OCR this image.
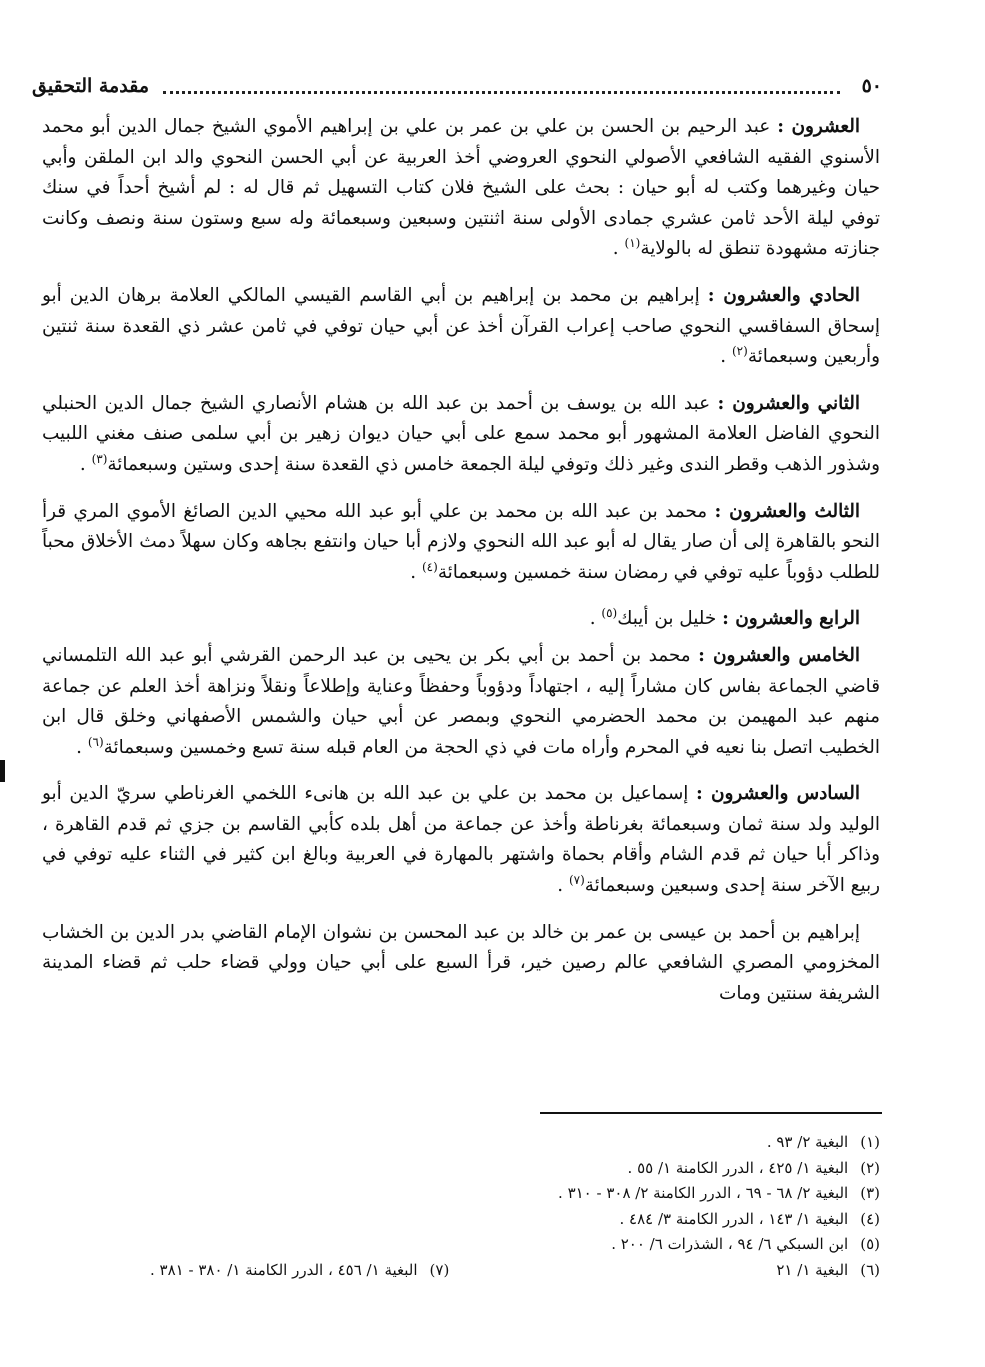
٥٠
مقدمة التحقيق

العشرون : عبد الرحيم بن الحسن بن علي بن عمر بن علي بن إبراهيم الأموي الشيخ جمال الدين أبو محمد الأسنوي الفقيه الشافعي الأصولي النحوي العروضي أخذ العربية عن أبي الحسن النحوي والد ابن الملقن وأبي حيان وغيرهما وكتب له أبو حيان : بحث على الشيخ فلان كتاب التسهيل ثم قال له : لم أشيخ أحداً في سنك توفي ليلة الأحد ثامن عشري جمادى الأولى سنة اثنتين وسبعين وسبعمائة وله سبع وستون سنة ونصف وكانت جنازته مشهودة تنطق له بالولاية$^{(١)}$ .

الحادي والعشرون : إبراهيم بن محمد بن إبراهيم بن أبي القاسم القيسي المالكي العلامة برهان الدين أبو إسحاق السفاقسي النحوي صاحب إعراب القرآن أخذ عن أبي حيان توفي في ثامن عشر ذي القعدة سنة ثنتين وأربعين وسبعمائة$^{(٢)}$ .

الثاني والعشرون : عبد الله بن يوسف بن أحمد بن عبد الله بن هشام الأنصاري الشيخ جمال الدين الحنبلي النحوي الفاضل العلامة المشهور أبو محمد سمع على أبي حيان ديوان زهير بن أبي سلمى صنف مغني اللبيب وشذور الذهب وقطر الندى وغير ذلك وتوفي ليلة الجمعة خامس ذي القعدة سنة إحدى وستين وسبعمائة$^{(٣)}$ .

الثالث والعشرون : محمد بن عبد الله بن محمد بن علي أبو عبد الله محيي الدين الصائغ الأموي المري قرأ النحو بالقاهرة إلى أن صار يقال له أبو عبد الله النحوي ولازم أبا حيان وانتفع بجاهه وكان سهلاً دمث الأخلاق محباً للطلب دؤوباً عليه توفي في رمضان سنة خمسين وسبعمائة$^{(٤)}$ .

الرابع والعشرون : خليل بن أيبك$^{(٥)}$ .

الخامس والعشرون : محمد بن أحمد بن أبي بكر بن يحيى بن عبد الرحمن القرشي أبو عبد الله التلمساني قاضي الجماعة بفاس كان مشاراً إليه ، اجتهاداً ودؤوباً وحفظاً وعناية وإطلاعاً ونقلاً ونزاهة أخذ العلم عن جماعة منهم عبد المهيمن بن محمد الحضرمي النحوي وبمصر عن أبي حيان والشمس الأصفهاني وخلق قال ابن الخطيب اتصل بنا نعيه في المحرم وأراه مات في ذي الحجة من العام قبله سنة تسع وخمسين وسبعمائة$^{(٦)}$ .

السادس والعشرون : إسماعيل بن محمد بن علي بن عبد الله بن هانىء اللخمي الغرناطي سريّ الدين أبو الوليد ولد سنة ثمان وسبعمائة بغرناطة وأخذ عن جماعة من أهل بلده كأبي القاسم بن جزي ثم قدم القاهرة ، وذاكر أبا حيان ثم قدم الشام وأقام بحماة واشتهر بالمهارة في العربية وبالغ ابن كثير في الثناء عليه توفي في ربيع الآخر سنة إحدى وسبعين وسبعمائة$^{(٧)}$ .

إبراهيم بن أحمد بن عيسى بن عمر بن خالد بن عبد المحسن بن نشوان الإمام القاضي بدر الدين بن الخشاب المخزومي المصري الشافعي عالم رصين خير، قرأ السبع على أبي حيان وولي قضاء حلب ثم قضاء المدينة الشريفة سنتين ومات

(١)البغية ٢/ ٩٣ .
(٢)البغية ١/ ٤٢٥ ، الدرر الكامنة ١/ ٥٥ .
(٣)البغية ٢/ ٦٨ - ٦٩ ، الدرر الكامنة ٢/ ٣٠٨ - ٣١٠ .
(٤)البغية ١/ ١٤٣ ، الدرر الكامنة ٣/ ٤٨٤ .
(٥)ابن السبكي ٦/ ٩٤ ، الشذرات ٦/ ٢٠٠ .
(٦)البغية ١/ ٢١
(٧)البغية ١/ ٤٥٦ ، الدرر الكامنة ١/ ٣٨٠ - ٣٨١ .
